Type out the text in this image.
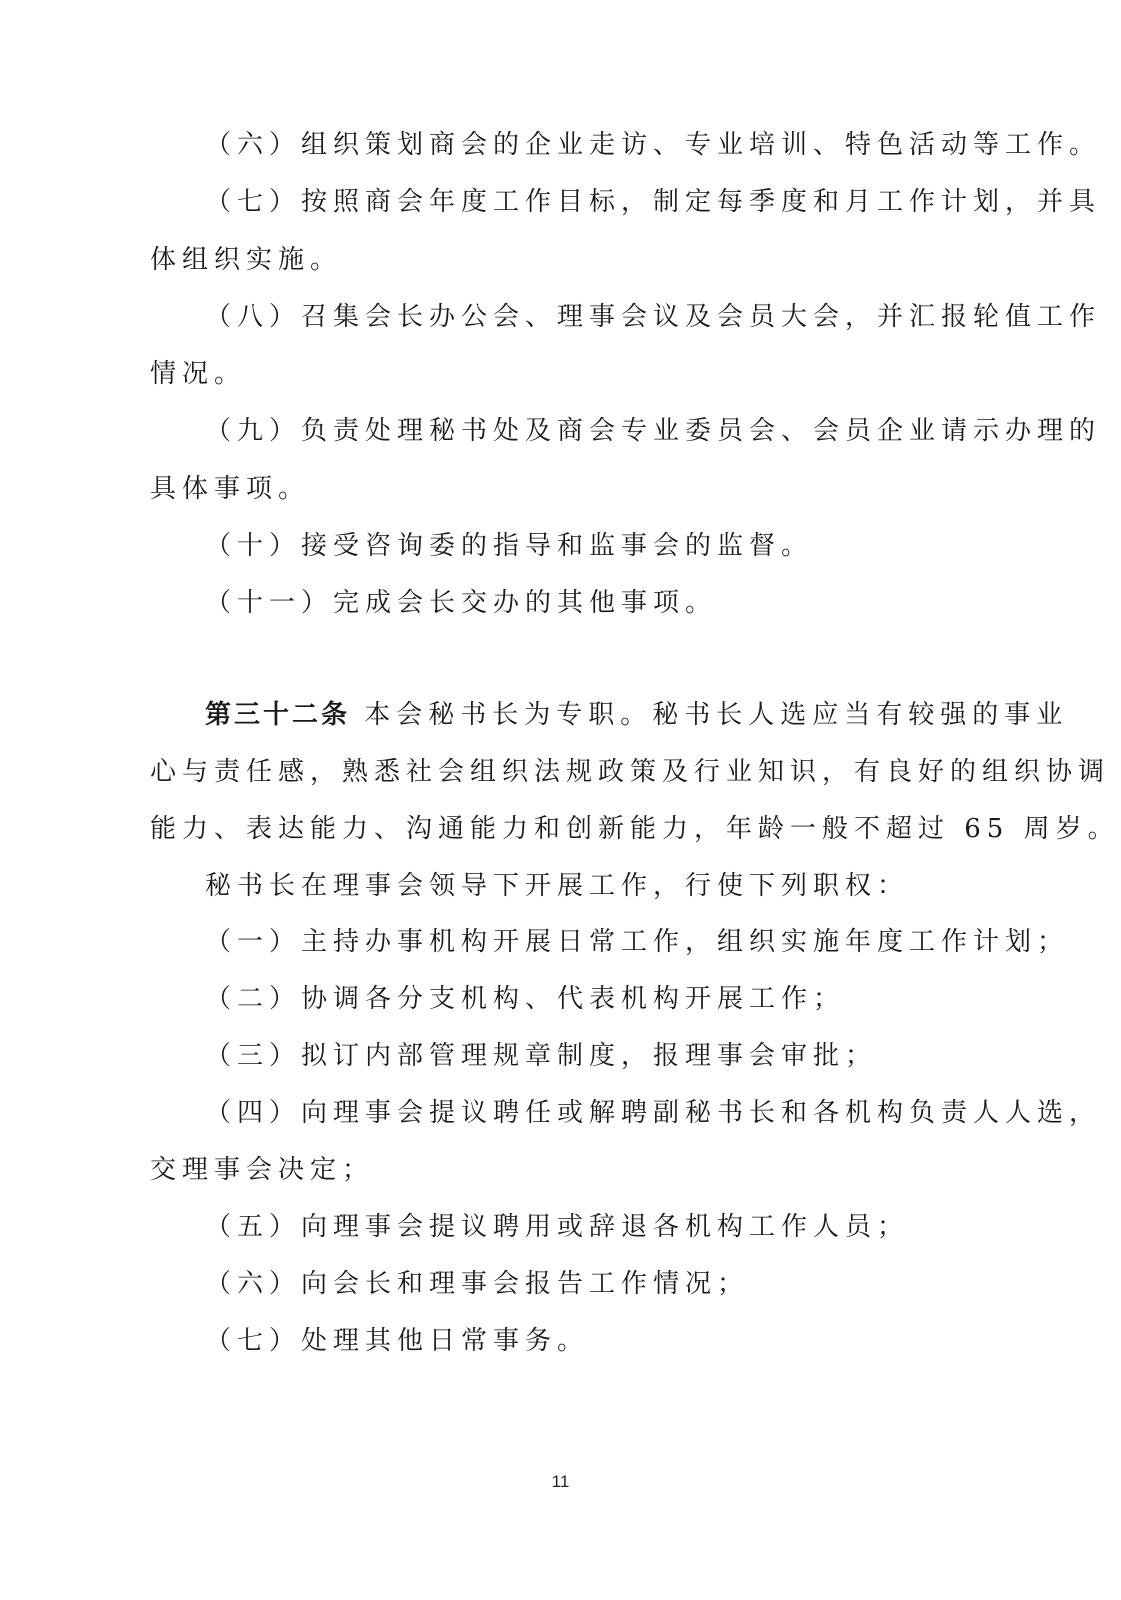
（六）组织策划商会的企业走访、专业培训、特色活动等工作。
（七）按照商会年度工作目标，制定每季度和月工作计划，并具
体组织实施。
（八）召集会长办公会、理事会议及会员大会，并汇报轮值工作
情况。
（九）负责处理秘书处及商会专业委员会、会员企业请示办理的
具体事项。
（十）接受咨询委的指导和监事会的监督。
（十一）完成会长交办的其他事项。
第三十二条 本会秘书长为专职。秘书长人选应当有较强的事业
心与责任感，熟悉社会组织法规政策及行业知识，有良好的组织协调
能力、表达能力、沟通能力和创新能力，年龄一般不超过 65 周岁。
秘书长在理事会领导下开展工作，行使下列职权：
（一）主持办事机构开展日常工作，组织实施年度工作计划；
（二）协调各分支机构、代表机构开展工作；
（三）拟订内部管理规章制度，报理事会审批；
（四）向理事会提议聘任或解聘副秘书长和各机构负责人人选，
交理事会决定；
（五）向理事会提议聘用或辞退各机构工作人员；
（六）向会长和理事会报告工作情况；
（七）处理其他日常事务。
11
